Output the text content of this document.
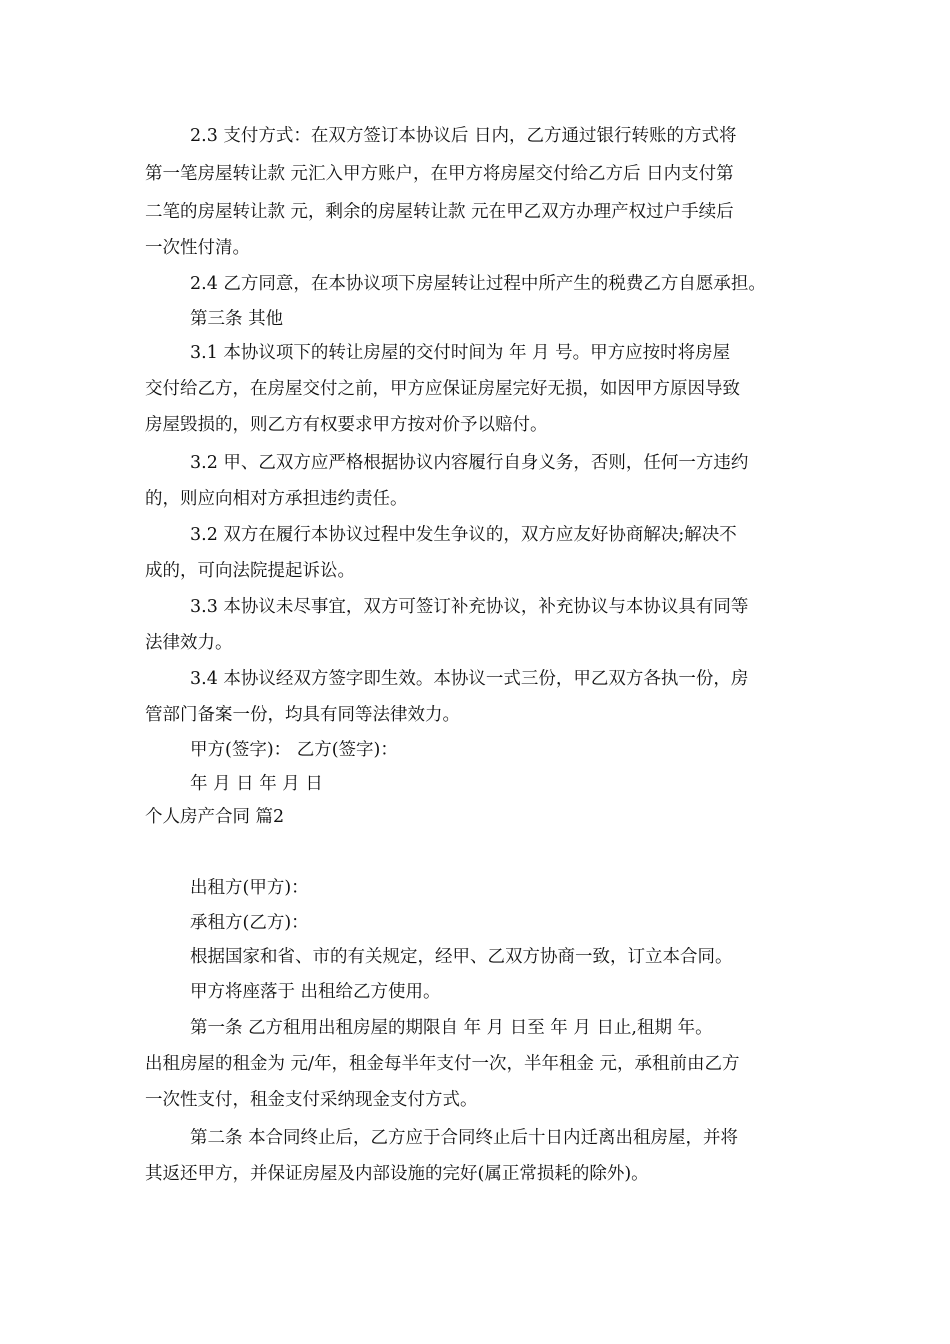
2.3 支付方式：在双方签订本协议后 日内，乙方通过银行转账的方式将

第一笔房屋转让款 元汇入甲方账户，在甲方将房屋交付给乙方后 日内支付第

二笔的房屋转让款 元，剩余的房屋转让款 元在甲乙双方办理产权过户手续后

一次性付清。

2.4 乙方同意，在本协议项下房屋转让过程中所产生的税费乙方自愿承担。

第三条 其他

3.1 本协议项下的转让房屋的交付时间为 年 月 号。甲方应按时将房屋

交付给乙方，在房屋交付之前，甲方应保证房屋完好无损，如因甲方原因导致

房屋毁损的，则乙方有权要求甲方按对价予以赔付。

3.2 甲、乙双方应严格根据协议内容履行自身义务，否则，任何一方违约

的，则应向相对方承担违约责任。

3.2 双方在履行本协议过程中发生争议的，双方应友好协商解决;解决不

成的，可向法院提起诉讼。

3.3 本协议未尽事宜，双方可签订补充协议，补充协议与本协议具有同等

法律效力。

3.4 本协议经双方签字即生效。本协议一式三份，甲乙双方各执一份，房

管部门备案一份，均具有同等法律效力。

甲方(签字)： 乙方(签字)：

年 月 日 年 月 日

个人房产合同 篇2

出租方(甲方)：

承租方(乙方)：

根据国家和省、市的有关规定，经甲、乙双方协商一致，订立本合同。

甲方将座落于 出租给乙方使用。

第一条 乙方租用出租房屋的期限自 年 月 日至 年 月 日止,租期 年。

出租房屋的租金为 元/年，租金每半年支付一次，半年租金 元，承租前由乙方

一次性支付，租金支付采纳现金支付方式。

第二条 本合同终止后，乙方应于合同终止后十日内迁离出租房屋，并将

其返还甲方，并保证房屋及内部设施的完好(属正常损耗的除外)。
